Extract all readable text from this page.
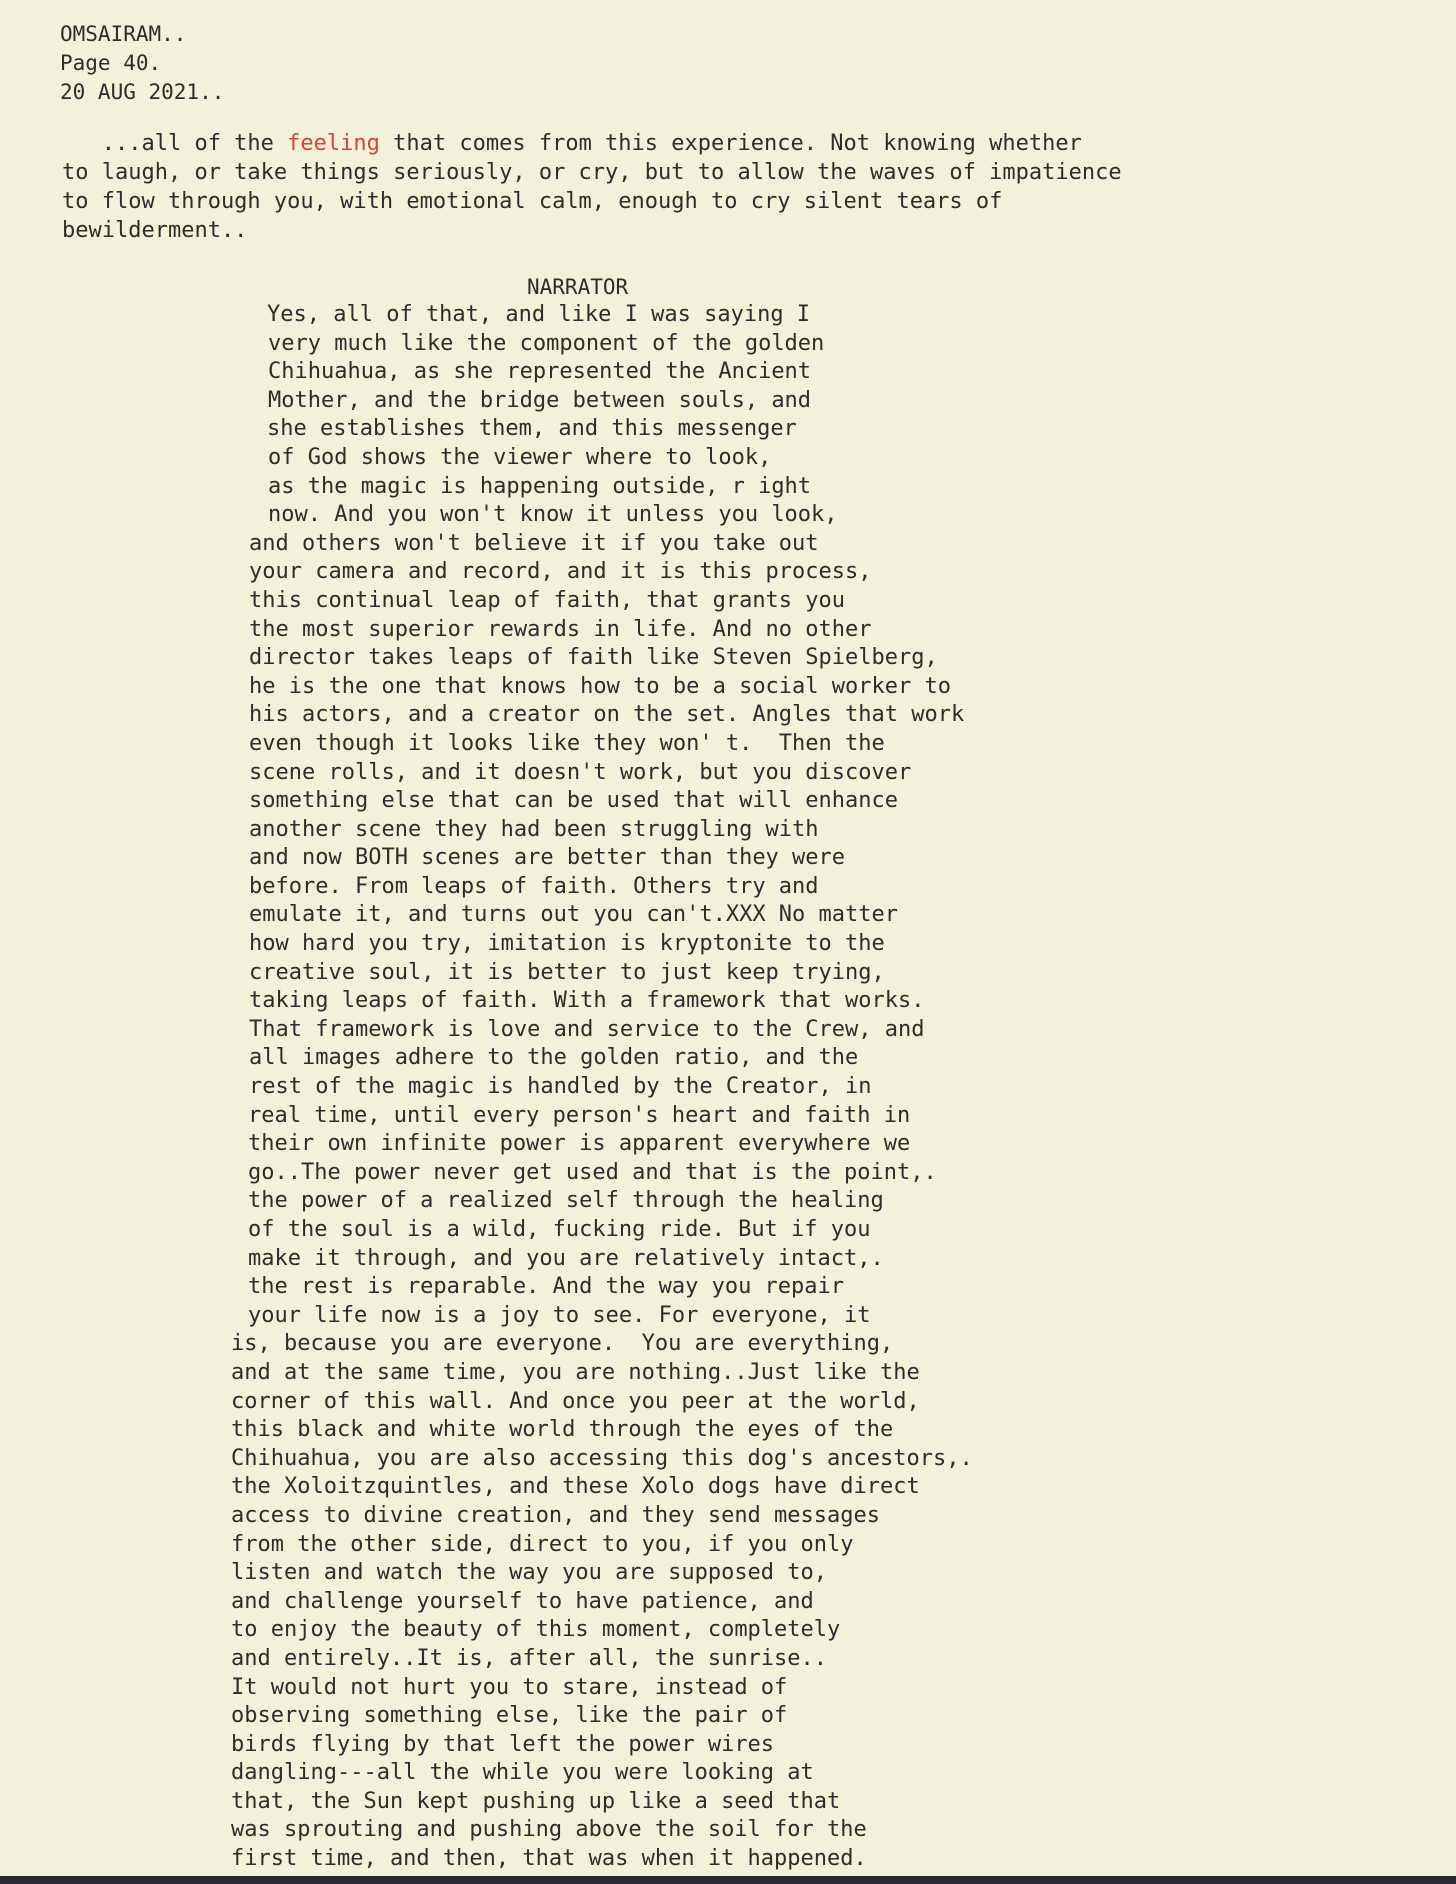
OMSAIRAM..
Page 40.
20 AUG 2021..
...all of the feeling that comes from this experience. Not knowing whether
to laugh, or take things seriously, or cry, but to allow the waves of impatience
to flow through you, with emotional calm, enough to cry silent tears of
bewilderment..
NARRATOR
Yes, all of that, and like I was saying I
very much like the component of the golden
Chihuahua, as she represented the Ancient
Mother, and the bridge between souls, and
she establishes them, and this messenger
of God shows the viewer where to look,
as the magic is happening outside, r ight
now. And you won't know it unless you look,
and others won't believe it if you take out
your camera and record, and it is this process,
this continual leap of faith, that grants you
the most superior rewards in life. And no other
director takes leaps of faith like Steven Spielberg,
he is the one that knows how to be a social worker to
his actors, and a creator on the set. Angles that work
even though it looks like they won' t.  Then the
scene rolls, and it doesn't work, but you discover
something else that can be used that will enhance
another scene they had been struggling with
and now BOTH scenes are better than they were
before. From leaps of faith. Others try and
emulate it, and turns out you can't.XXX No matter
how hard you try, imitation is kryptonite to the
creative soul, it is better to just keep trying,
taking leaps of faith. With a framework that works.
That framework is love and service to the Crew, and
all images adhere to the golden ratio, and the
rest of the magic is handled by the Creator, in
real time, until every person's heart and faith in
their own infinite power is apparent everywhere we
go..The power never get used and that is the point,.
the power of a realized self through the healing
of the soul is a wild, fucking ride. But if you
make it through, and you are relatively intact,.
the rest is reparable. And the way you repair
your life now is a joy to see. For everyone, it
is, because you are everyone.  You are everything,
and at the same time, you are nothing..Just like the
corner of this wall. And once you peer at the world,
this black and white world through the eyes of the
Chihuahua, you are also accessing this dog's ancestors,.
the Xoloitzquintles, and these Xolo dogs have direct
access to divine creation, and they send messages
from the other side, direct to you, if you only
listen and watch the way you are supposed to,
and challenge yourself to have patience, and
to enjoy the beauty of this moment, completely
and entirely..It is, after all, the sunrise..
It would not hurt you to stare, instead of
observing something else, like the pair of
birds flying by that left the power wires
dangling---all the while you were looking at
that, the Sun kept pushing up like a seed that
was sprouting and pushing above the soil for the
first time, and then, that was when it happened.
